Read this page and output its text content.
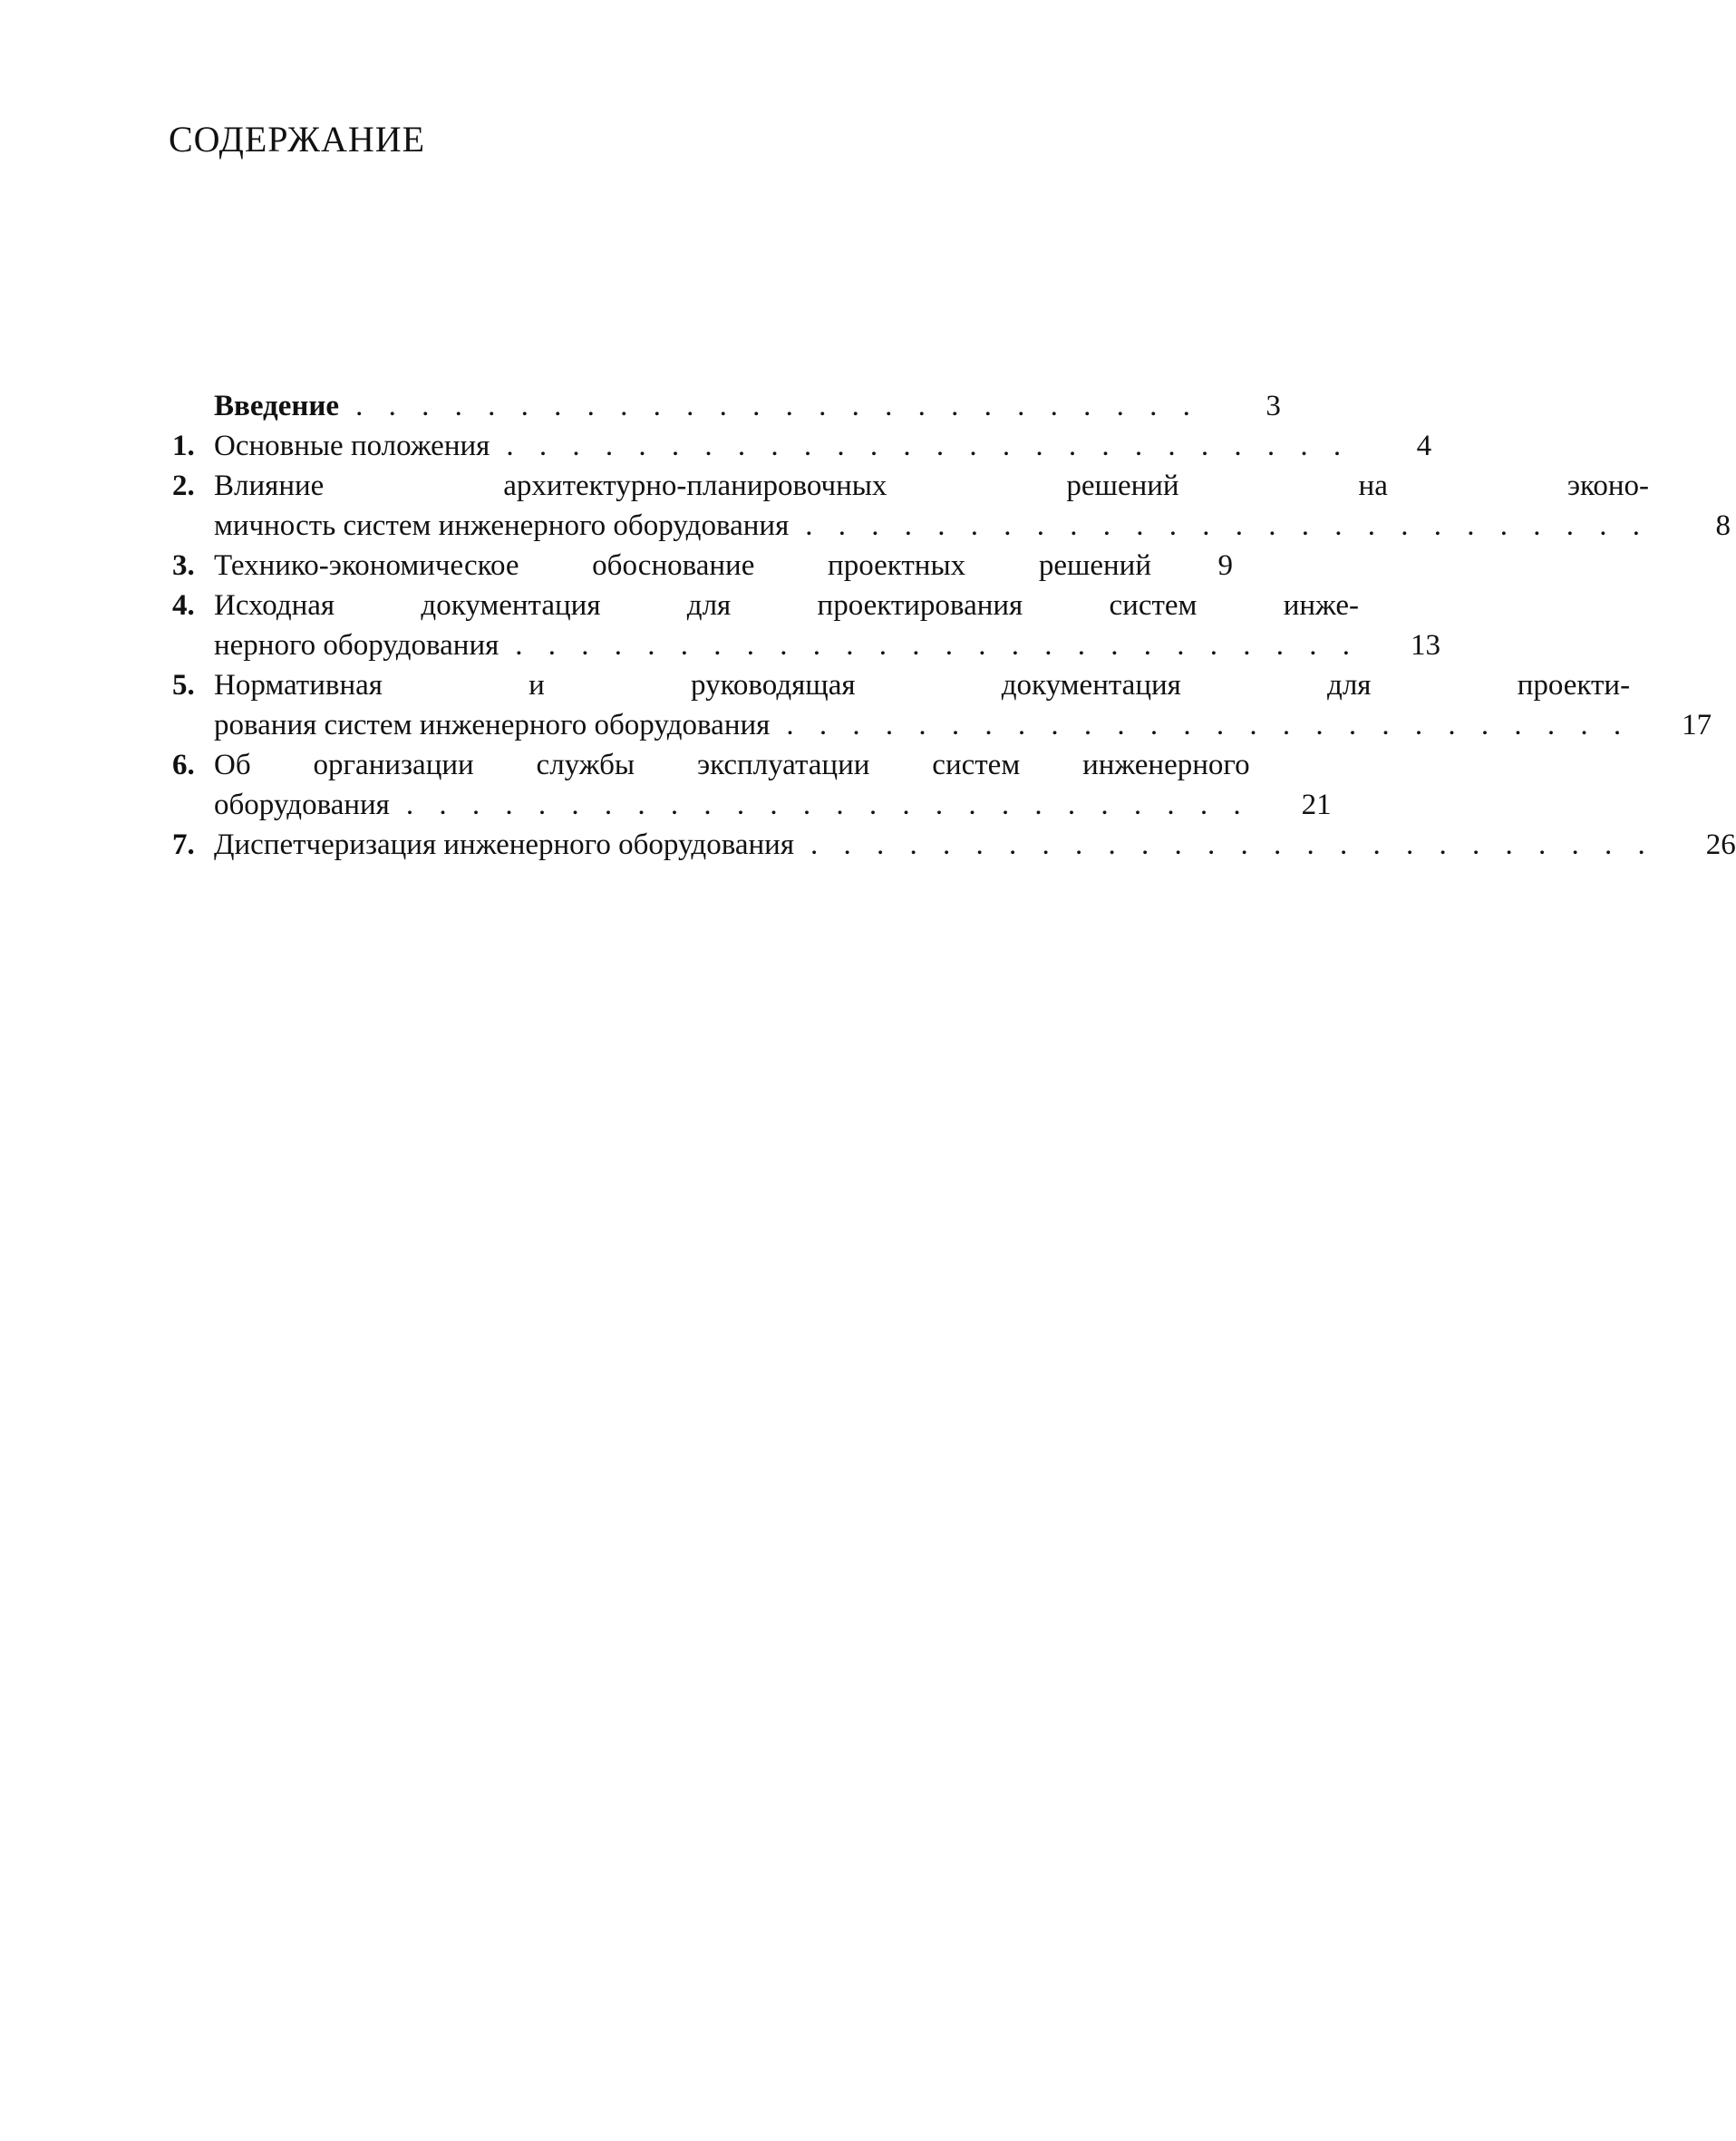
СОДЕРЖАНИЕ
Введение . . . . . . . . . . . . . . . . . . . . . . . . . .	3
1. Основные положения . . . . . . . . . . . . . . . . . . . . . . . . . .	4
2. Влияние архитектурно-планировочных решений на эконо-
мичность систем инженерного оборудования . . . . . . . . . . . . . . . . . . . . . . . . . .	8
3. Технико-экономическое обоснование проектных решений	9
4. Исходная документация для проектирования систем инже-
нерного оборудования . . . . . . . . . . . . . . . . . . . . . . . . . .	13
5. Нормативная и руководящая документация для проекти-
рования систем инженерного оборудования . . . . . . . . . . . . . . . . . . . . . . . . . .	17
6. Об организации службы эксплуатации систем инженерного
оборудования . . . . . . . . . . . . . . . . . . . . . . . . . .	21
7. Диспетчеризация инженерного оборудования . . . . . . . . . . . . . . . . . . . . . . . . . .	26
